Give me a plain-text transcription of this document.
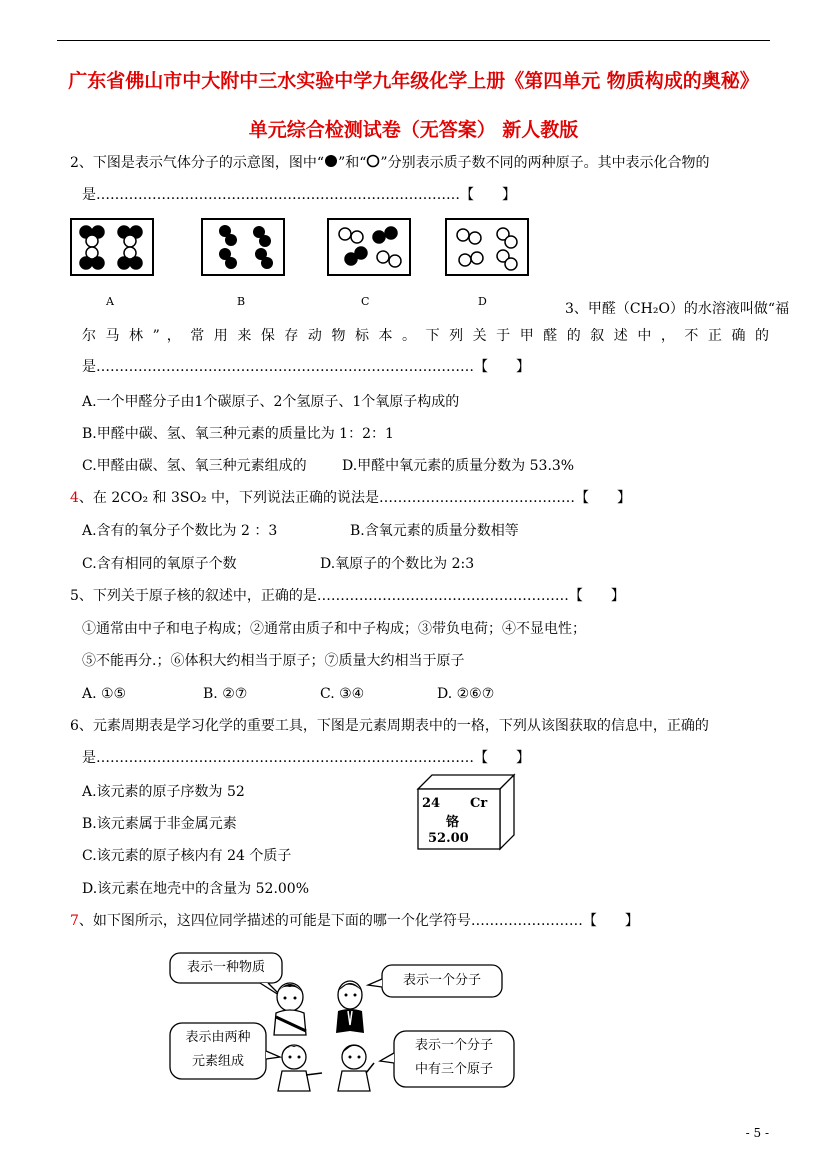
广东省佛山市中大附中三水实验中学九年级化学上册《第四单元 物质构成的奥秘》
单元综合检测试卷（无答案） 新人教版
2、下图是表示气体分子的示意图，图中“ ”和“ ”分别表示质子数不同的两种原子。其中表示化合物的
是……………………………………………………………………【　　】
A	B	C	D	3、甲醛（CH₂O）的水溶液叫做“福
尔 马 林 ” ， 常 用 来 保 存 动 物 标 本 。 下 列 关 于 甲 醛 的 叙 述 中 ， 不 正 确 的
是………………………………………………………………………【　　】
A.一个甲醛分子由1个碳原子、2个氢原子、1个氧原子构成的
B.甲醛中碳、氢、氧三种元素的质量比为 1：2：1
C.甲醛由碳、氢、氧三种元素组成的	D.甲醛中氧元素的质量分数为 53.3%
4、在 2CO₂ 和 3SO₂ 中，下列说法正确的说法是……………………………………【　　】
A.含有的氧分子个数比为 2 ：3	B.含氧元素的质量分数相等
C.含有相同的氧原子个数	D.氧原子的个数比为 2:3
5、下列关于原子核的叙述中，正确的是………………………………………………【　　】
①通常由中子和电子构成；②通常由质子和中子构成；③带负电荷；④不显电性；
⑤不能再分.；⑥体积大约相当于原子；⑦质量大约相当于原子
A. ①⑤	B. ②⑦	C. ③④	D. ②⑥⑦
6、元素周期表是学习化学的重要工具，下图是元素周期表中的一格，下列从该图获取的信息中，正确的
是………………………………………………………………………【　　】
A.该元素的原子序数为 52
B.该元素属于非金属元素
C.该元素的原子核内有 24 个质子
D.该元素在地壳中的含量为 52.00%
24 Cr
铬
52.00
7、如下图所示，这四位同学描述的可能是下面的哪一个化学符号……………………【　　】
表示一种物质
表示一个分子
表示由两种
元素组成
表示一个分子
中有三个原子
- 5 -
